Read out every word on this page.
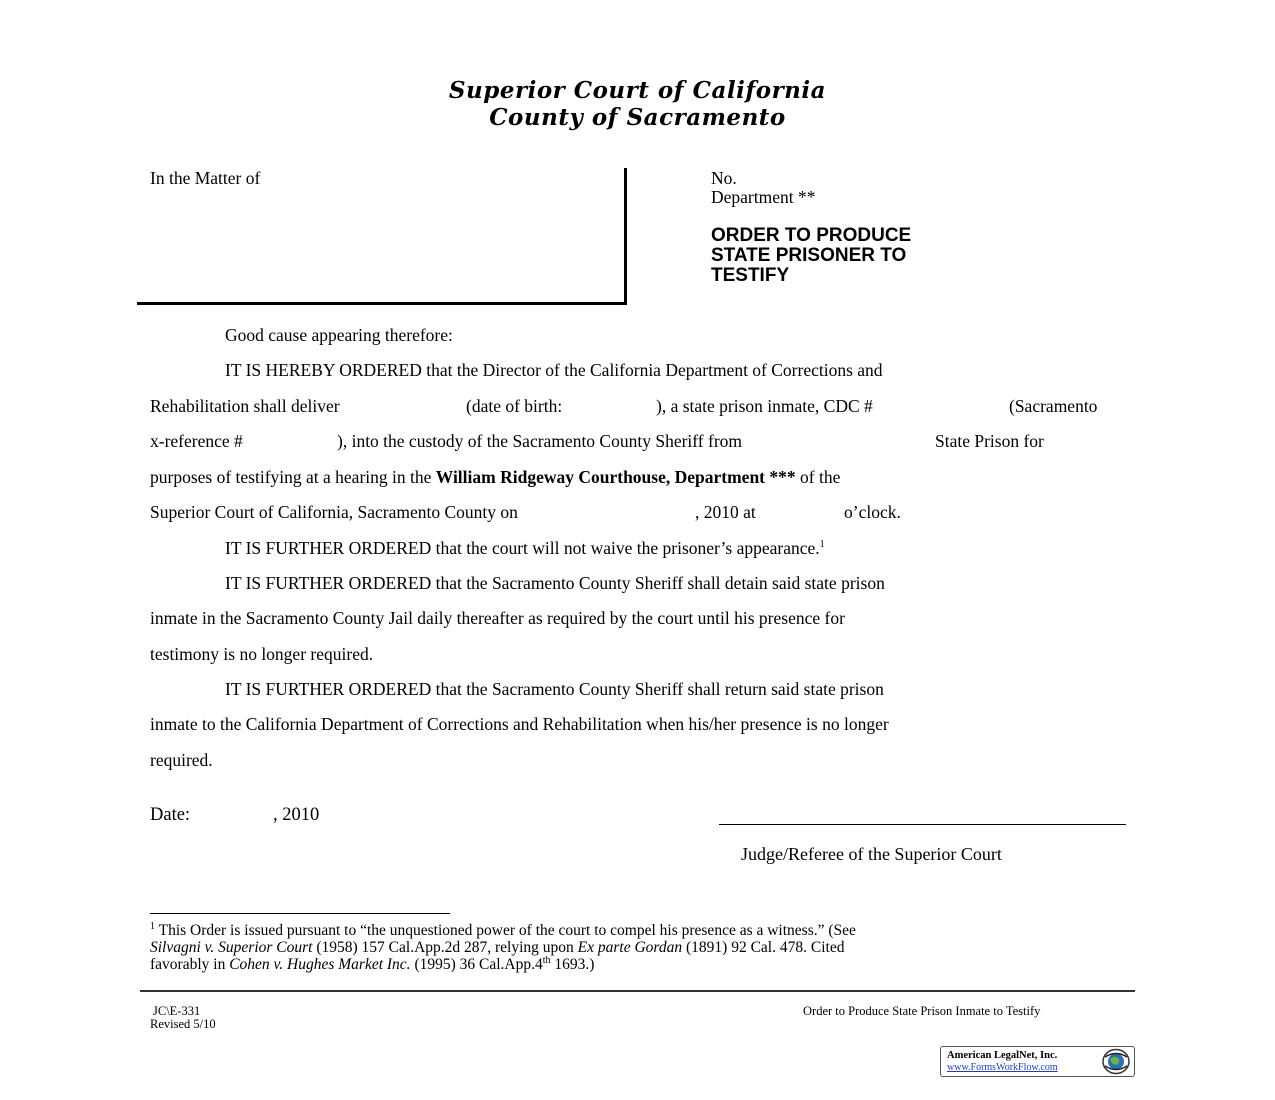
Superior Court of California
County of Sacramento
In the Matter of	No.
Department **
ORDER TO PRODUCE
STATE PRISONER TO
TESTIFY
Good cause appearing therefore:
IT IS HEREBY ORDERED that the Director of the California Department of Corrections and
Rehabilitation shall deliver	(date of birth:	), a state prison inmate, CDC #	(Sacramento
x-reference #	), into the custody of the Sacramento County Sheriff from	State Prison for
purposes of testifying at a hearing in the William Ridgeway Courthouse, Department *** of the
Superior Court of California, Sacramento County on	, 2010 at	o’clock.
IT IS FURTHER ORDERED that the court will not waive the prisoner’s appearance.$^1$
IT IS FURTHER ORDERED that the Sacramento County Sheriff shall detain said state prison
inmate in the Sacramento County Jail daily thereafter as required by the court until his presence for
testimony is no longer required.
IT IS FURTHER ORDERED that the Sacramento County Sheriff shall return said state prison
inmate to the California Department of Corrections and Rehabilitation when his/her presence is no longer
required.
Date:	, 2010
Judge/Referee of the Superior Court
$^1$ This Order is issued pursuant to “the unquestioned power of the court to compel his presence as a witness.” (See
Silvagni v. Superior Court (1958) 157 Cal.App.2d 287, relying upon Ex parte Gordan (1891) 92 Cal. 478. Cited
favorably in Cohen v. Hughes Market Inc. (1995) 36 Cal.App.4th 1693.)
JC\E-331
Revised 5/10
Order to Produce State Prison Inmate to Testify
American LegalNet, Inc.
www.FormsWorkFlow.com
